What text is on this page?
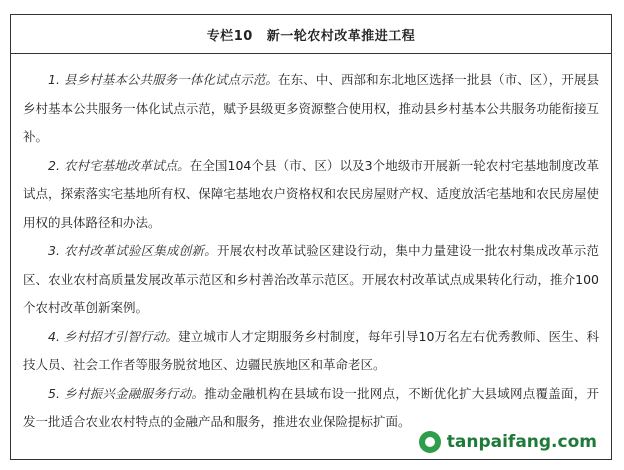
专栏10 新一轮农村改革推进工程

1. 县乡村基本公共服务一体化试点示范。在东、中、西部和东北地区选择一批县（市、区），开展县乡村基本公共服务一体化试点示范，赋予县级更多资源整合使用权，推动县乡村基本公共服务功能衔接互补。

2. 农村宅基地改革试点。在全国104个县（市、区）以及3个地级市开展新一轮农村宅基地制度改革试点，探索落实宅基地所有权、保障宅基地农户资格权和农民房屋财产权、适度放活宅基地和农民房屋使用权的具体路径和办法。

3. 农村改革试验区集成创新。开展农村改革试验区建设行动，集中力量建设一批农村集成改革示范区、农业农村高质量发展改革示范区和乡村善治改革示范区。开展农村改革试点成果转化行动，推介100个农村改革创新案例。

4. 乡村招才引智行动。建立城市人才定期服务乡村制度，每年引导10万名左右优秀教师、医生、科技人员、社会工作者等服务脱贫地区、边疆民族地区和革命老区。

5. 乡村振兴金融服务行动。推动金融机构在县域布设一批网点，不断优化扩大县域网点覆盖面，开发一批适合农业农村特点的金融产品和服务，推进农业保险提标扩面。

tanpaifang.com
